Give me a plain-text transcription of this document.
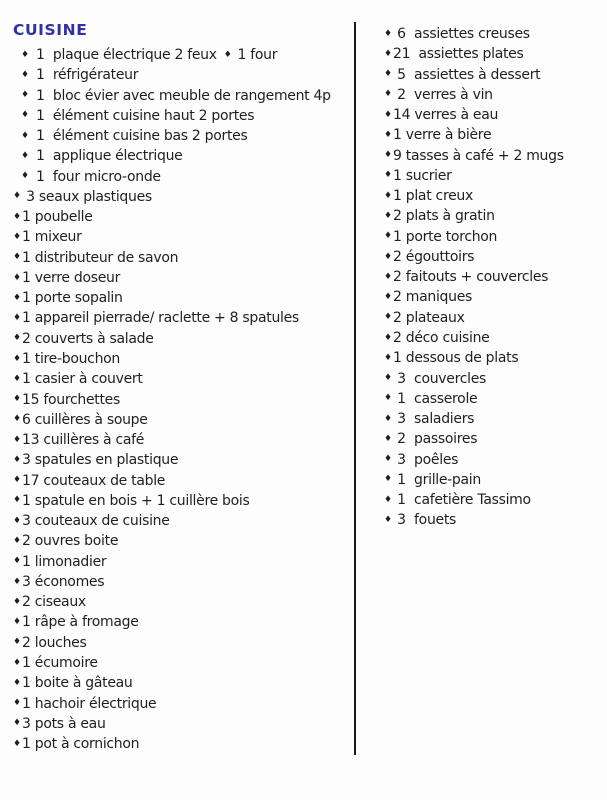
CUISINE
♦ 1  plaque électrique 2 feux ♦ 1 four
♦ 1  réfrigérateur
♦ 1  bloc évier avec meuble de rangement 4p
♦ 1  élément cuisine haut 2 portes
♦ 1  élément cuisine bas 2 portes
♦ 1  applique électrique
♦ 1  four micro-onde
♦ 3 seaux plastiques
♦ 1 poubelle
♦ 1 mixeur
♦ 1 distributeur de savon
♦ 1 verre doseur
♦ 1 porte sopalin
♦ 1 appareil pierrade/ raclette + 8 spatules
♦ 2 couverts à salade
♦ 1 tire-bouchon
♦ 1 casier à couvert
♦ 15 fourchettes
♦ 6 cuillères à soupe
♦ 13 cuillères à café
♦ 3 spatules en plastique
♦ 17 couteaux de table
♦ 1 spatule en bois + 1 cuillère bois
♦ 3 couteaux de cuisine
♦ 2 ouvres boite
♦ 1 limonadier
♦ 3 économes
♦ 2 ciseaux
♦ 1 râpe à fromage
♦ 2 louches
♦ 1 écumoire
♦ 1 boite à gâteau
♦ 1 hachoir électrique
♦ 3 pots à eau
♦ 1 pot à cornichon
♦ 6  assiettes creuses
♦ 21  assiettes plates
♦ 5  assiettes à dessert
♦ 2  verres à vin
♦ 14 verres à eau
♦ 1 verre à bière
♦ 9 tasses à café + 2 mugs
♦ 1 sucrier
♦ 1 plat creux
♦ 2 plats à gratin
♦ 1 porte torchon
♦ 2 égouttoirs
♦ 2 faitouts + couvercles
♦ 2 maniques
♦ 2 plateaux
♦ 2 déco cuisine
♦ 1 dessous de plats
♦ 3  couvercles
♦ 1  casserole
♦ 3  saladiers
♦ 2  passoires
♦ 3  poêles
♦ 1  grille-pain
♦ 1  cafetière Tassimo
♦ 3  fouets
